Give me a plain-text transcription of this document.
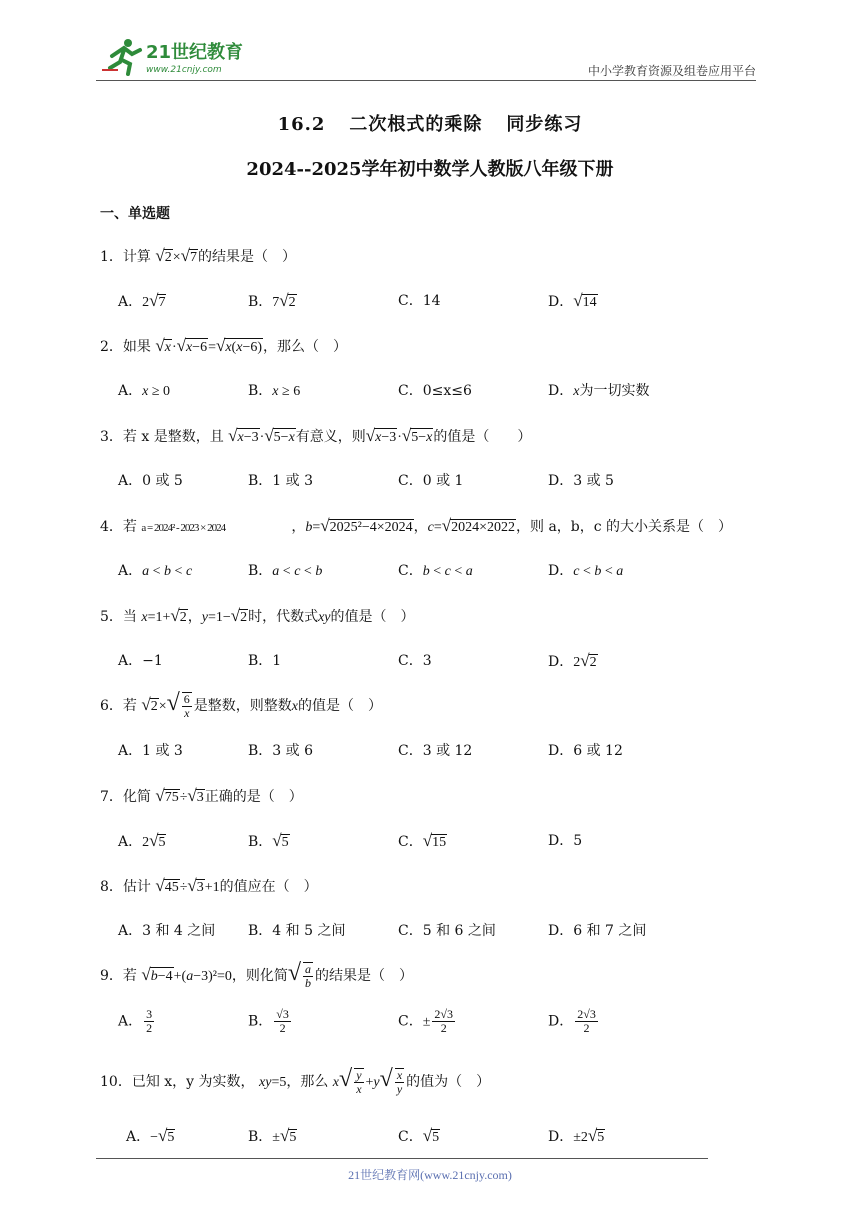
21世纪教育
www.21cnjy.com	中小学教育资源及组卷应用平台
16.2 二次根式的乘除 同步练习
2024--2025学年初中数学人教版八年级下册
一、单选题
1．计算 √2×√7的结果是（　）
A．2√7	B．7√2	C．14	D．√14
2．如果 √x·√x−6=√x(x−6)，那么（　）
A．x ≥ 0	B．x ≥ 6	C．0≤x≤6	D．x为一切实数
3．若 x 是整数，且 √x−3·√5−x有意义，则√x−3·√5−x的值是（　　）
A．0 或 5	B．1 或 3	C．0 或 1	D．3 或 5
4．若 a = 2024² - 2023 × 2024	，b=√2025²−4×2024，c=√2024×2022，则 a，b，c 的大小关系是（　）
A．a < b < c	B．a < c < b	C．b < c < a	D．c < b < a
5．当 x=1+√2，y=1−√2时，代数式xy的值是（　）
A．−1	B．1	C．3	D．2√2
6．若 $√2\times√ \frac{6}{x}$ 是整数，则整数x的值是（　）
A．1 或 3	B．3 或 6	C．3 或 12	D．6 或 12
7．化简 √75÷√3正确的是（　）
A．2√5	B．√5	C．√15	D．5
8．估计 √45÷√3+1的值应在（　）
A．3 和 4 之间 B．4 和 5 之间	C．5 和 6 之间	D．6 和 7 之间
9．若 √b−4+(a−3)²=0，则化简√ $\frac{a}{b}$ 的结果是（　）
A． $\frac{3}{2}$	B． $\frac{√3}{2}$	C．± $\frac{2√3}{2}$	D． $\frac{2√3}{2}$
10．已知 x，y 为实数， xy=5，那么 $x√ \frac{y}{x} +y√ \frac{x}{y}$ 的值为（　）
A．−√5	B．±√5	C．√5	D．±2√5
21世纪教育网(www.21cnjy.com)
